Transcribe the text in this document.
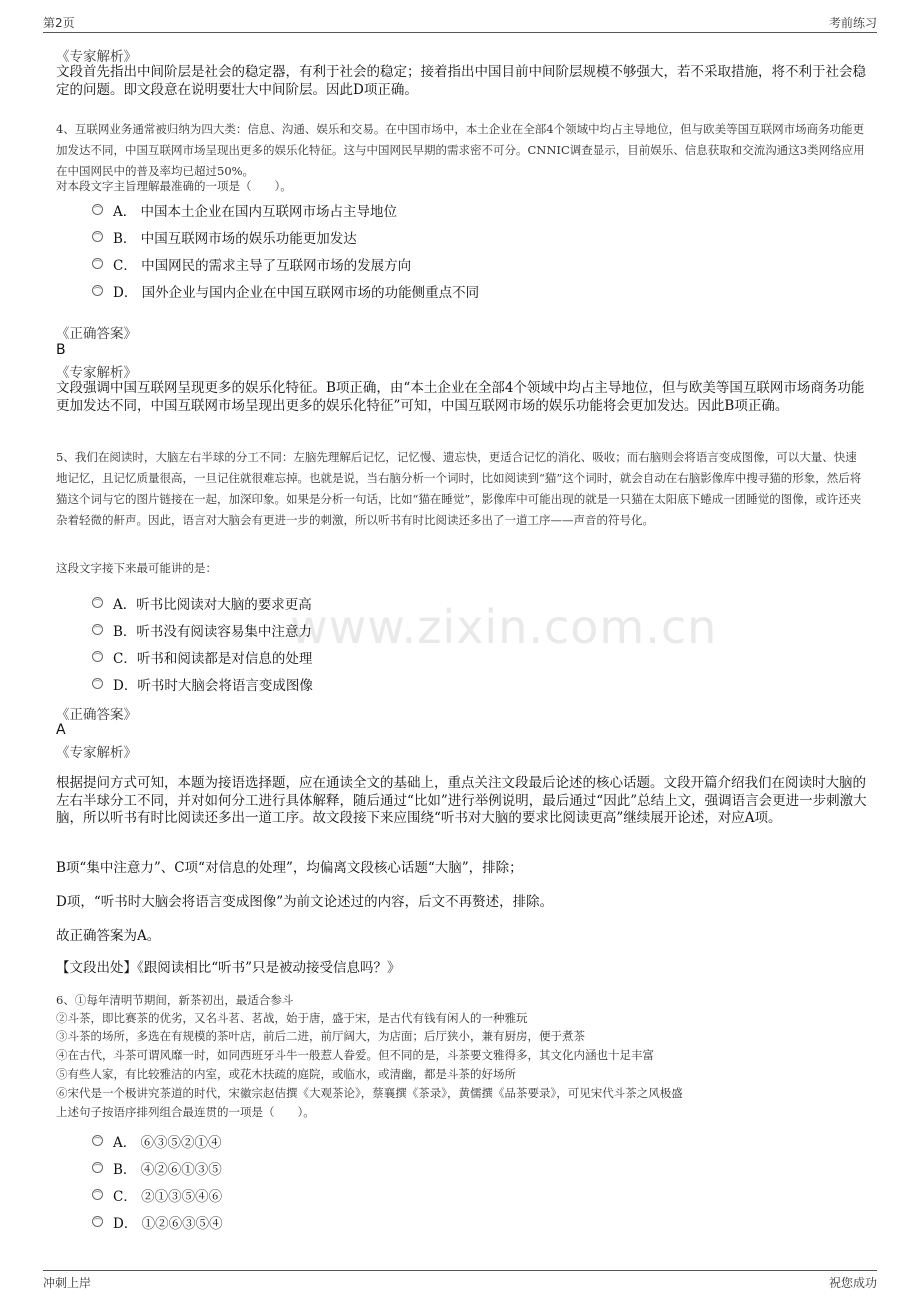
第2页	考前练习
www.zixin.com.cn
《专家解析》
文段首先指出中间阶层是社会的稳定器，有利于社会的稳定；接着指出中国目前中间阶层规模不够强大，若不采取措施，将不利于社会稳定的问题。即文段意在说明要壮大中间阶层。因此D项正确。
4、互联网业务通常被归纳为四大类：信息、沟通、娱乐和交易。在中国市场中，本土企业在全部4个领域中均占主导地位，但与欧美等国互联网市场商务功能更加发达不同，中国互联网市场呈现出更多的娱乐化特征。这与中国网民早期的需求密不可分。CNNIC调查显示，目前娱乐、信息获取和交流沟通这3类网络应用在中国网民中的普及率均已超过50%。
对本段文字主旨理解最准确的一项是（　　）。
A． 中国本土企业在国内互联网市场占主导地位
B． 中国互联网市场的娱乐功能更加发达
C． 中国网民的需求主导了互联网市场的发展方向
D． 国外企业与国内企业在中国互联网市场的功能侧重点不同
《正确答案》
B
《专家解析》
文段强调中国互联网呈现更多的娱乐化特征。B项正确，由“本土企业在全部4个领域中均占主导地位，但与欧美等国互联网市场商务功能更加发达不同，中国互联网市场呈现出更多的娱乐化特征”可知，中国互联网市场的娱乐功能将会更加发达。因此B项正确。
5、我们在阅读时，大脑左右半球的分工不同：左脑先理解后记忆，记忆慢、遗忘快，更适合记忆的消化、吸收；而右脑则会将语言变成图像，可以大量、快速地记忆，且记忆质量很高，一旦记住就很难忘掉。也就是说，当右脑分析一个词时，比如阅读到“猫”这个词时，就会自动在右脑影像库中搜寻猫的形象，然后将猫这个词与它的图片链接在一起，加深印象。如果是分析一句话，比如“猫在睡觉”，影像库中可能出现的就是一只猫在太阳底下蜷成一团睡觉的图像，或许还夹杂着轻微的鼾声。因此，语言对大脑会有更进一步的刺激，所以听书有时比阅读还多出了一道工序——声音的符号化。
这段文字接下来最可能讲的是：
A．听书比阅读对大脑的要求更高
B．听书没有阅读容易集中注意力
C．听书和阅读都是对信息的处理
D．听书时大脑会将语言变成图像
《正确答案》
A
《专家解析》
根据提问方式可知，本题为接语选择题，应在通读全文的基础上，重点关注文段最后论述的核心话题。文段开篇介绍我们在阅读时大脑的左右半球分工不同，并对如何分工进行具体解释，随后通过“比如”进行举例说明，最后通过“因此”总结上文，强调语言会更进一步刺激大脑，所以听书有时比阅读还多出一道工序。故文段接下来应围绕“听书对大脑的要求比阅读更高”继续展开论述，对应A项。
B项“集中注意力”、C项“对信息的处理”，均偏离文段核心话题“大脑”，排除；
D项，“听书时大脑会将语言变成图像”为前文论述过的内容，后文不再赘述，排除。
故正确答案为A。
【文段出处】《跟阅读相比“听书”只是被动接受信息吗？》
6、①每年清明节期间，新茶初出，最适合参斗
②斗茶，即比赛茶的优劣，又名斗茗、茗战，始于唐，盛于宋，是古代有钱有闲人的一种雅玩
③斗茶的场所，多选在有规模的茶叶店，前后二进，前厅阔大，为店面；后厅狭小，兼有厨房，便于煮茶
④在古代，斗茶可谓风靡一时，如同西班牙斗牛一般惹人眷爱。但不同的是，斗茶要文雅得多，其文化内涵也十足丰富
⑤有些人家，有比较雅洁的内室，或花木扶疏的庭院，或临水，或清幽，都是斗茶的好场所
⑥宋代是一个极讲究茶道的时代，宋徽宗赵佶撰《大观茶论》，蔡襄撰《茶录》，黄儒撰《品茶要录》，可见宋代斗茶之风极盛
上述句子按语序排列组合最连贯的一项是（　　）。
A． ⑥③⑤②①④
B． ④②⑥①③⑤
C． ②①③⑤④⑥
D． ①②⑥③⑤④
冲刺上岸	祝您成功
